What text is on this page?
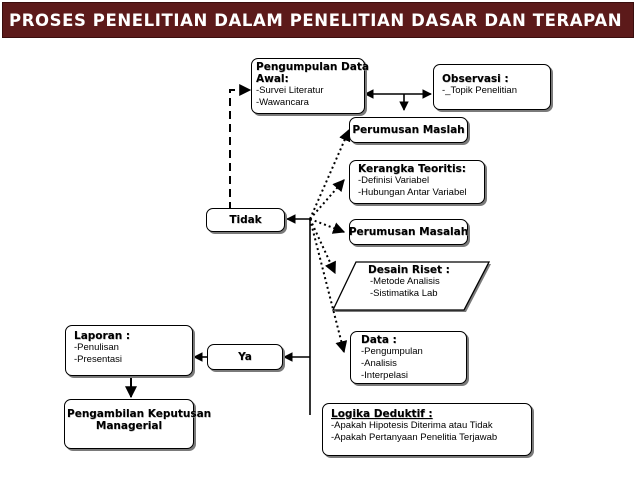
PROSES PENELITIAN DALAM PENELITIAN DASAR DAN TERAPAN
Pengumpulan Data
Awal:
-Survei Literatur
-Wawancara
Observasi :
-_Topik Penelitian
Perumusan Maslah
Kerangka Teoritis:
-Definisi Variabel
-Hubungan Antar Variabel
Tidak
Perumusan Masalah
Desain Riset :
-Metode Analisis
-Sistimatika Lab
Laporan :
-Penulisan
-Presentasi	Ya
Data :
-Pengumpulan
-Analisis
-Interpelasi
Pengambilan Keputusan
Managerial
Logika Deduktif :
-Apakah Hipotesis Diterima atau Tidak
-Apakah Pertanyaan Penelitia Terjawab
